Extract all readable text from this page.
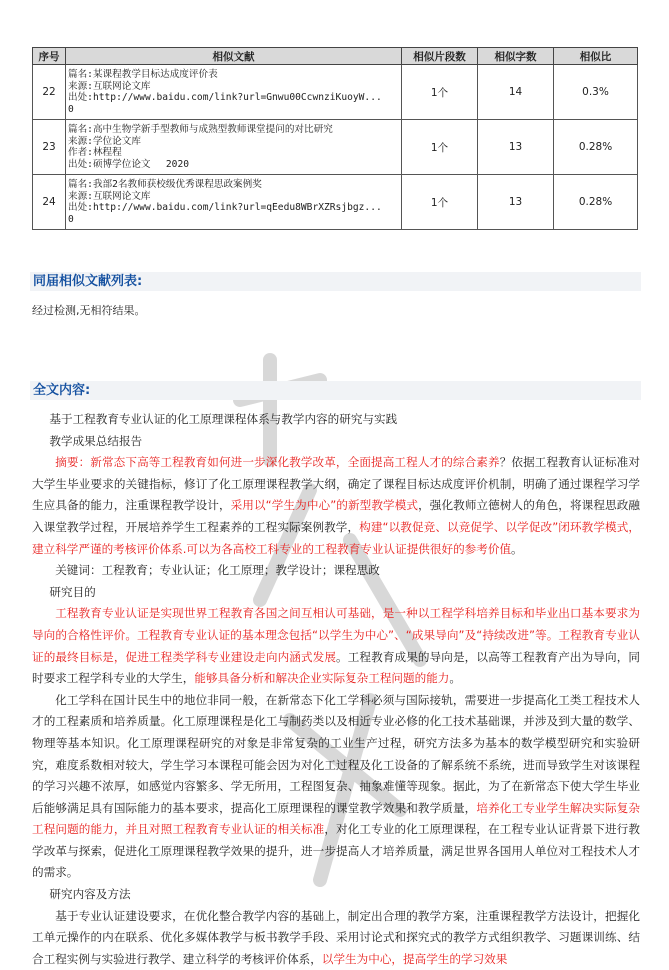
序号	相似文献	相似片段数	相似字数	相似比
22	篇名:某课程教学目标达成度评价表
来源:互联网论文库
出处:http://www.baidu.com/link?url=Gnwu00CcwnziKuoyW...
0	1个	14	0.3%
23	篇名:高中生物学新手型教师与成熟型教师课堂提问的对比研究
来源:学位论文库
作者:林程程
出处:硕博学位论文　 2020	1个	13	0.28%
24	篇名:我部2名教师获校级优秀课程思政案例奖
来源:互联网论文库
出处:http://www.baidu.com/link?url=qEedu8WBrXZRsjbgz...
0	1个	13	0.28%
同届相似文献列表:
经过检测,无相符结果。
全文内容:

基于工程教育专业认证的化工原理课程体系与教学内容的研究与实践

教学成果总结报告

摘要：新常态下高等工程教育如何进一步深化教学改革，全面提高工程人才的综合素养？依据工程教育认证标准对大学生毕业要求的关键指标，修订了化工原理课程教学大纲，确定了课程目标达成度评价机制，明确了通过课程学习学生应具备的能力，注重课程教学设计，采用以“学生为中心”的新型教学模式，强化教师立德树人的角色，将课程思政融入课堂教学过程，开展培养学生工程素养的工程实际案例教学，构建“以教促竞、以竞促学、以学促改”闭环教学模式，建立科学严谨的考核评价体系.可以为各高校工科专业的工程教育专业认证提供很好的参考价值。

关键词：工程教育；专业认证；化工原理；教学设计；课程思政

研究目的

工程教育专业认证是实现世界工程教育各国之间互相认可基础，是一种以工程学科培养目标和毕业出口基本要求为导向的合格性评价。工程教育专业认证的基本理念包括“以学生为中心”、“成果导向”及“持续改进”等。工程教育专业认证的最终目标是，促进工程类学科专业建设走向内涵式发展。工程教育成果的导向是，以高等工程教育产出为导向，同时要求工程学科专业的大学生，能够具备分析和解决企业实际复杂工程问题的能力。

化工学科在国计民生中的地位非同一般，在新常态下化工学科必须与国际接轨，需要进一步提高化工类工程技术人才的工程素质和培养质量。化工原理课程是化工与制药类以及相近专业必修的化工技术基础课，并涉及到大量的数学、物理等基本知识。化工原理课程研究的对象是非常复杂的工业生产过程，研究方法多为基本的数学模型研究和实验研究，难度系数相对较大，学生学习本课程可能会因为对化工过程及化工设备的了解系统不系统，进而导致学生对该课程的学习兴趣不浓厚，如感觉内容繁多、学无所用，工程图复杂、抽象难懂等现象。据此，为了在新常态下使大学生毕业后能够满足具有国际能力的基本要求，提高化工原理课程的课堂教学效果和教学质量，培养化工专业学生解决实际复杂工程问题的能力，并且对照工程教育专业认证的相关标准，对化工专业的化工原理课程，在工程专业认证背景下进行教学改革与探索，促进化工原理课程教学效果的提升，进一步提高人才培养质量，满足世界各国用人单位对工程技术人才的需求。

研究内容及方法

基于专业认证建设要求，在优化整合教学内容的基础上，制定出合理的教学方案，注重课程教学方法设计，把握化工单元操作的内在联系、优化多媒体教学与板书教学手段、采用讨论式和探究式的教学方式组织教学、习题课训练、结合工程实例与实验进行教学、建立科学的考核评价体系，以学生为中心，提高学生的学习效果
